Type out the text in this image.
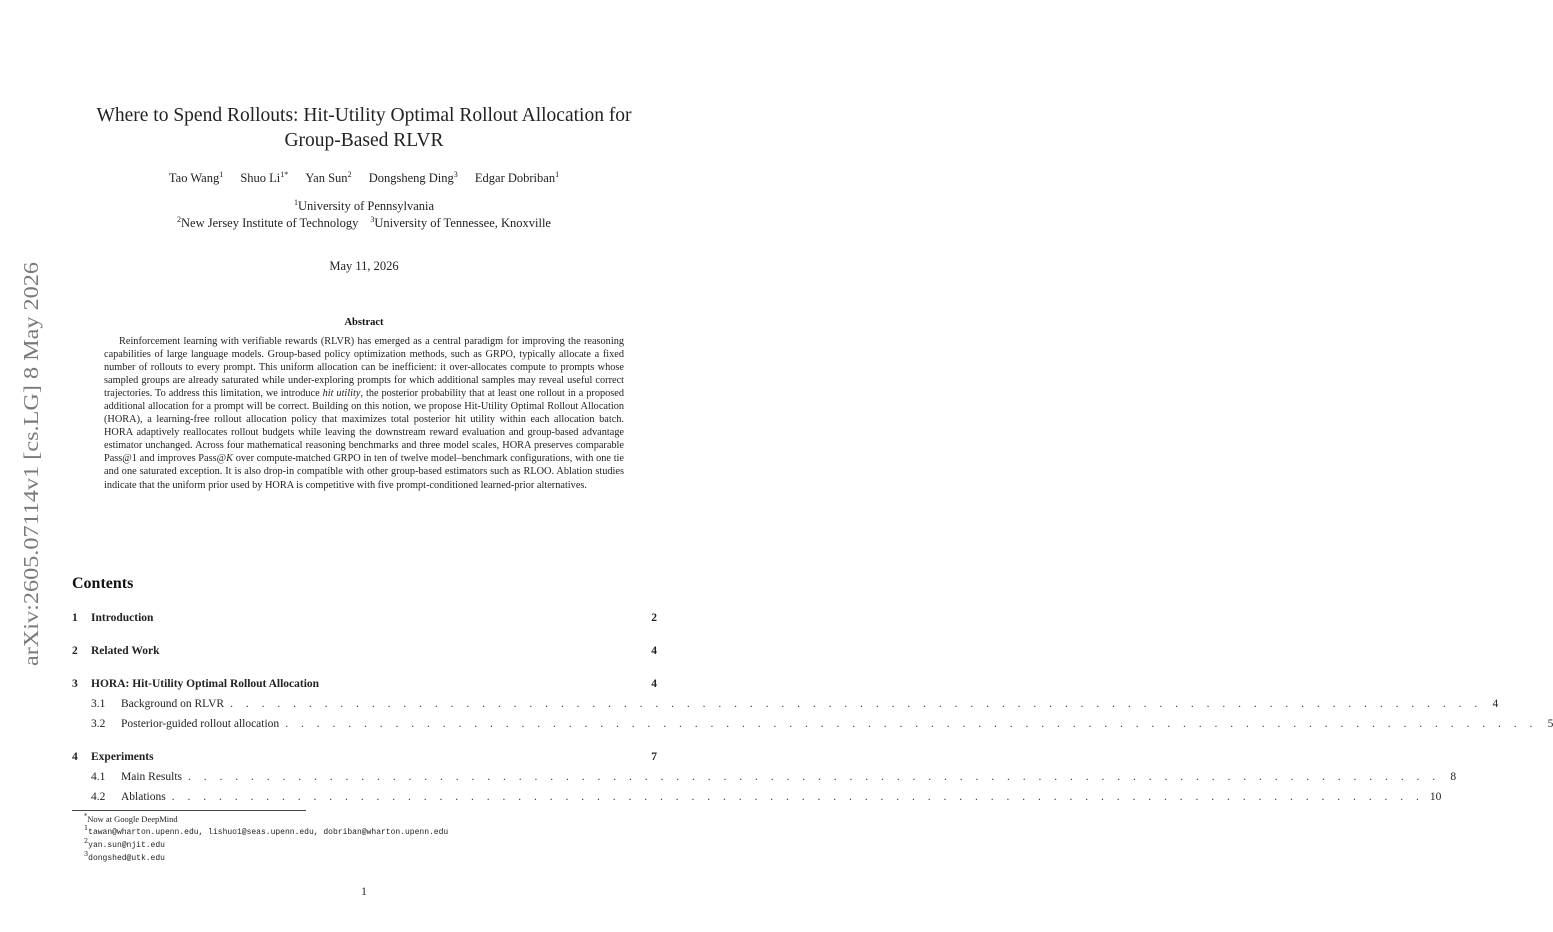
arXiv:2605.07114v1 [cs.LG] 8 May 2026
Where to Spend Rollouts: Hit-Utility Optimal Rollout Allocation for
Group-Based RLVR
Tao Wang$^1$ Shuo $Li^{1*}$ Yan Sun$^2$ Dongsheng Ding$^3$ Edgar Dobriban$^1$
$^1$University of Pennsylvania
$^2$New Jersey Institute of Technology $^3$University of Tennessee, Knoxville
May 11, 2026
Abstract
Reinforcement learning with verifiable rewards (RLVR) has emerged as a central paradigm for improving the reasoning capabilities of large language models. Group-based policy optimization methods, such as GRPO, typically allocate a fixed number of rollouts to every prompt. This uniform allocation can be inefficient: it over-allocates compute to prompts whose sampled groups are already saturated while under-exploring prompts for which additional samples may reveal useful correct trajectories. To address this limitation, we introduce hit utility, the posterior probability that at least one rollout in a proposed additional allocation for a prompt will be correct. Building on this notion, we propose Hit-Utility Optimal Rollout Allocation (HORA), a learning-free rollout allocation policy that maximizes total posterior hit utility within each allocation batch. HORA adaptively reallocates rollout budgets while leaving the downstream reward evaluation and group-based advantage estimator unchanged. Across four mathematical reasoning benchmarks and three model scales, HORA preserves comparable Pass@1 and improves Pass@K over compute-matched GRPO in ten of twelve model–benchmark configurations, with one tie and one saturated exception. It is also drop-in compatible with other group-based estimators such as RLOO. Ablation studies indicate that the uniform prior used by HORA is competitive with five prompt-conditioned learned-prior alternatives.
Contents
1	Introduction	2
2	Related Work	4
3	HORA: Hit-Utility Optimal Rollout Allocation	4
3.1	Background on RLVR . . . . . . . . . . . . . . . . . . . . . . . . . . . . . . . . . . . . . . . . . . . . . . . . . . . . . . . . . . . . . . . . . . . . . . . . . . . . . . . . 4
3.2	Posterior-guided rollout allocation . . . . . . . . . . . . . . . . . . . . . . . . . . . . . . . . . . . . . . . . . . . . . . . . . . . . . . . . . . . . . . . . . . . . . . . . . . . . . . . . 5
4	Experiments	7
4.1	Main Results . . . . . . . . . . . . . . . . . . . . . . . . . . . . . . . . . . . . . . . . . . . . . . . . . . . . . . . . . . . . . . . . . . . . . . . . . . . . . . . . 8
4.2	Ablations . . . . . . . . . . . . . . . . . . . . . . . . . . . . . . . . . . . . . . . . . . . . . . . . . . . . . . . . . . . . . . . . . . . . . . . . . . . . . . . . 10
*Now at Google DeepMind
$^1$tawan@wharton.upenn.edu, lishuo1@seas.upenn.edu, dobriban@wharton.upenn.edu
$^2$yan.sun@njit.edu
$^3$dongshed@utk.edu
1
